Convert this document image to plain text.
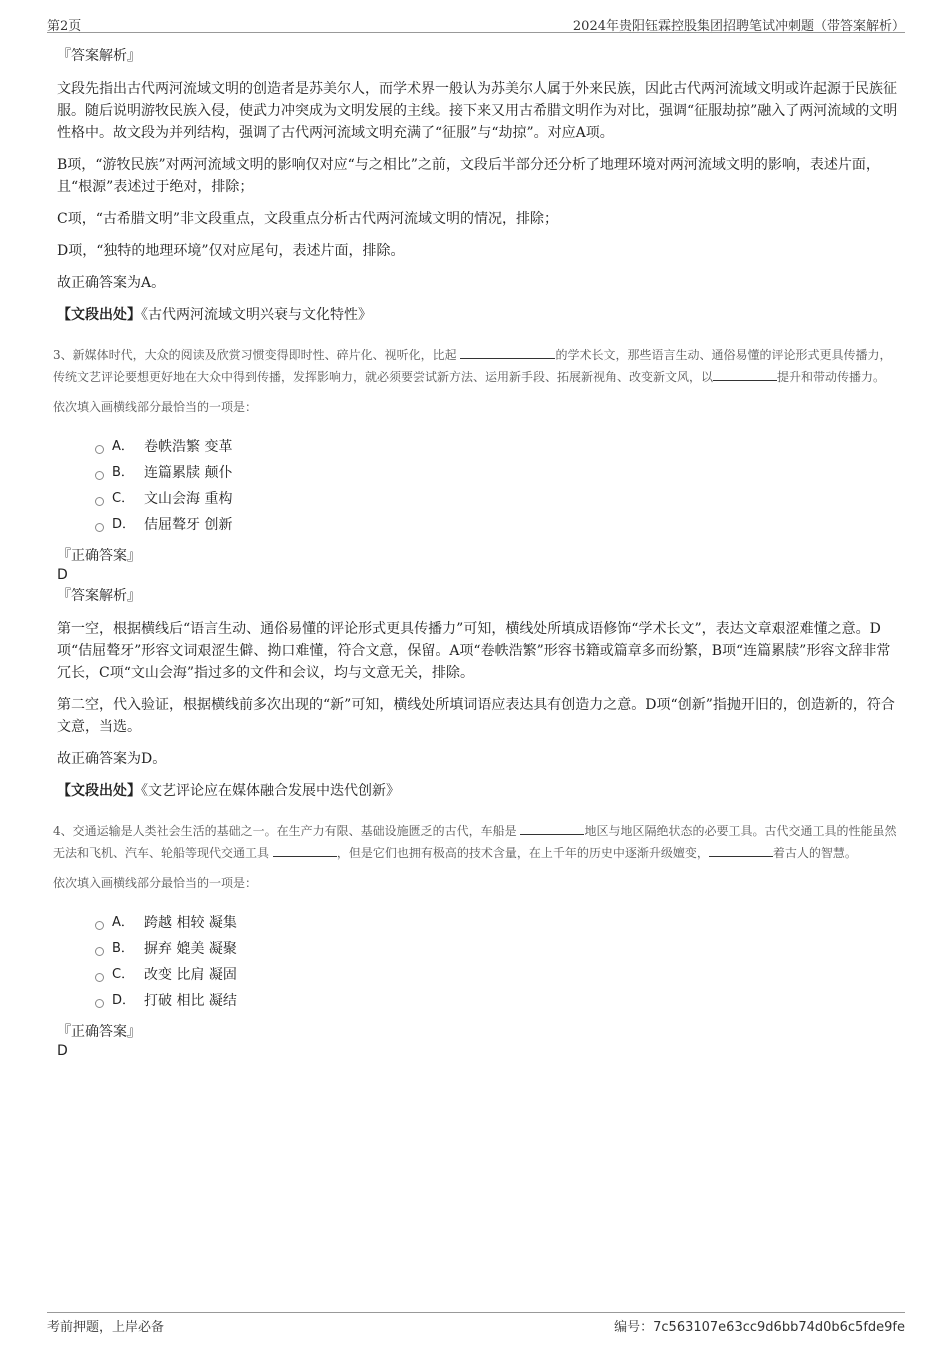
第2页	2024年贵阳钰霖控股集团招聘笔试冲刺题（带答案解析）

『答案解析』

文段先指出古代两河流域文明的创造者是苏美尔人，而学术界一般认为苏美尔人属于外来民族，因此古代两河流域文明或许起源于民族征服。随后说明游牧民族入侵，使武力冲突成为文明发展的主线。接下来又用古希腊文明作为对比，强调“征服劫掠”融入了两河流域的文明性格中。故文段为并列结构，强调了古代两河流域文明充满了“征服”与“劫掠”。对应A项。

B项，“游牧民族”对两河流域文明的影响仅对应“与之相比”之前，文段后半部分还分析了地理环境对两河流域文明的影响，表述片面，且“根源”表述过于绝对，排除；

C项，“古希腊文明”非文段重点，文段重点分析古代两河流域文明的情况，排除；

D项，“独特的地理环境”仅对应尾句，表述片面，排除。

故正确答案为A。

【文段出处】《古代两河流域文明兴衰与文化特性》

3、新媒体时代，大众的阅读及欣赏习惯变得即时性、碎片化、视听化，比起	的学术长文，那些语言生动、通俗易懂的评论形式更具传播力，传统文艺评论要想更好地在大众中得到传播，发挥影响力，就必须要尝试新方法、运用新手段、拓展新视角、改变新文风，以	提升和带动传播力。

依次填入画横线部分最恰当的一项是：

A． 卷帙浩繁 变革
B． 连篇累牍 颠仆
C． 文山会海 重构
D． 佶屈聱牙 创新

『正确答案』

D

『答案解析』

第一空，根据横线后“语言生动、通俗易懂的评论形式更具传播力”可知，横线处所填成语修饰“学术长文”，表达文章艰涩难懂之意。D项“佶屈聱牙”形容文词艰涩生僻、拗口难懂，符合文意，保留。A项“卷帙浩繁”形容书籍或篇章多而纷繁，B项“连篇累牍”形容文辞非常冗长，C项“文山会海”指过多的文件和会议，均与文意无关，排除。

第二空，代入验证，根据横线前多次出现的“新”可知，横线处所填词语应表达具有创造力之意。D项“创新”指抛开旧的，创造新的，符合文意，当选。

故正确答案为D。

【文段出处】《文艺评论应在媒体融合发展中迭代创新》

4、交通运输是人类社会生活的基础之一。在生产力有限、基础设施匮乏的古代，车船是	地区与地区隔绝状态的必要工具。古代交通工具的性能虽然无法和飞机、汽车、轮船等现代交通工具	，但是它们也拥有极高的技术含量，在上千年的历史中逐渐升级嬗变，	着古人的智慧。

依次填入画横线部分最恰当的一项是：

A． 跨越 相较 凝集
B． 摒弃 媲美 凝聚
C． 改变 比肩 凝固
D． 打破 相比 凝结

『正确答案』

D

考前押题，上岸必备	编号：7c563107e63cc9d6bb74d0b6c5fde9fe
